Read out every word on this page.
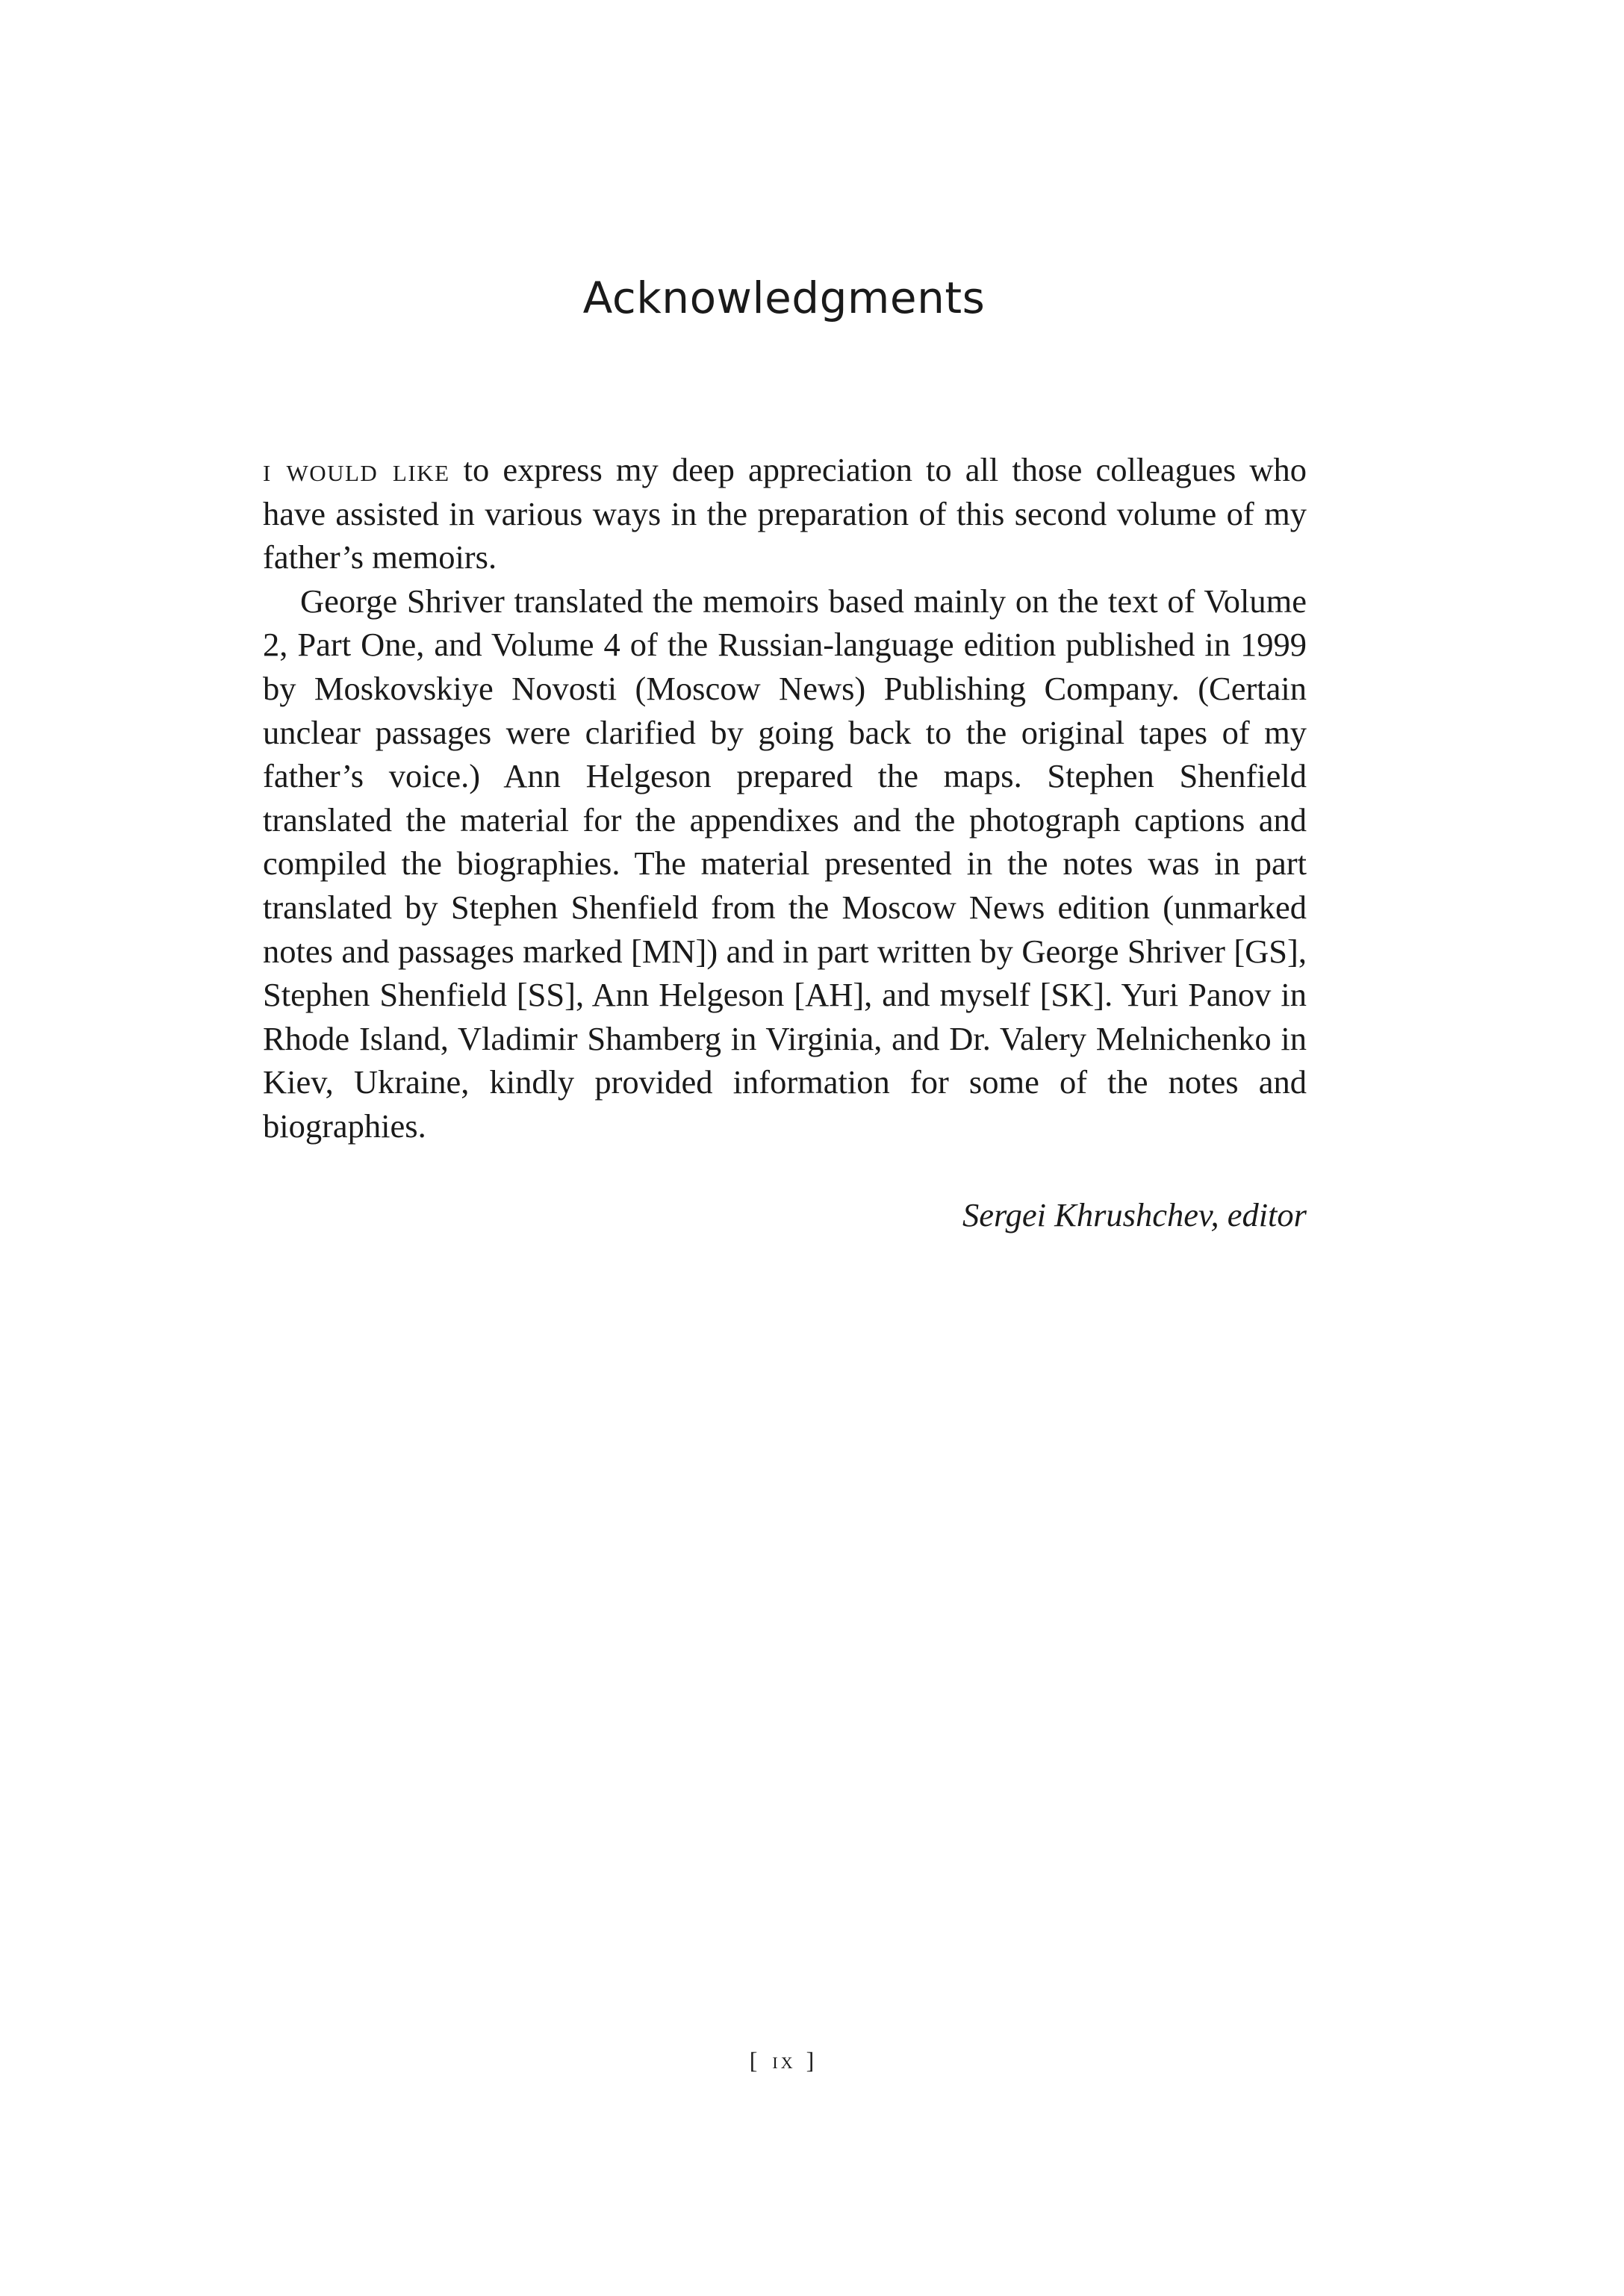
Acknowledgments

i would like to express my deep appreciation to all those colleagues who have assisted in various ways in the preparation of this second volume of my father’s memoirs.

George Shriver translated the memoirs based mainly on the text of Volume 2, Part One, and Volume 4 of the Russian-language edition published in 1999 by Moskovskiye Novosti (Moscow News) Publishing Company. (Certain unclear passages were clarified by going back to the original tapes of my father’s voice.) Ann Helgeson prepared the maps. Stephen Shenfield translated the material for the appendixes and the photograph captions and compiled the biographies. The material presented in the notes was in part translated by Stephen Shenfield from the Moscow News edition (unmarked notes and passages marked [MN]) and in part written by George Shriver [GS], Stephen Shenfield [SS], Ann Helgeson [AH], and myself [SK]. Yuri Panov in Rhode Island, Vladimir Shamberg in Virginia, and Dr. Valery Melnichenko in Kiev, Ukraine, kindly provided information for some of the notes and biographies.

Sergei Khrushchev, editor
[ ix ]
